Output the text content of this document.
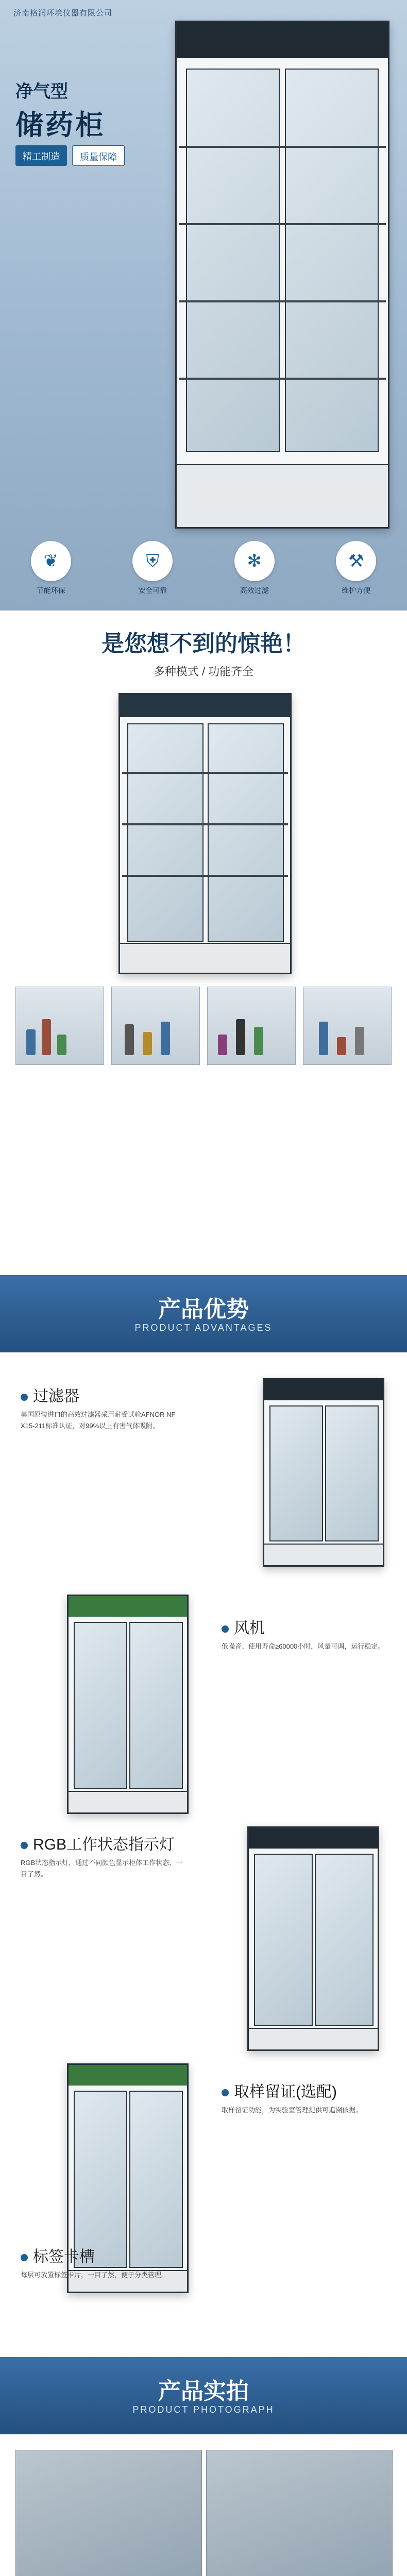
济南格润环境仪器有限公司
净气型
储药柜
精工制造	质量保障
❦
节能环保
⛨
安全可靠
✻
高效过滤
⚒
维护方便
是您想不到的惊艳！
多种模式 / 功能齐全
产品优势
PRODUCT ADVANTAGES
过滤器
美国原装进口的高效过滤器采用耐受试验AFNOR NF X15-211标准认证，对99%以上有害气体吸附。
风机
低噪音、使用寿命≥60000小时，风量可调，运行稳定。
RGB工作状态指示灯
RGB状态指示灯，通过不同颜色显示柜体工作状态，一目了然。
取样留证(选配)
取样留证功能，为实验室管理提供可追溯依据。
标签卡槽
每层可放置标签卡片，一目了然，便于分类管理。
产品实拍
PRODUCT PHOTOGRAPH
